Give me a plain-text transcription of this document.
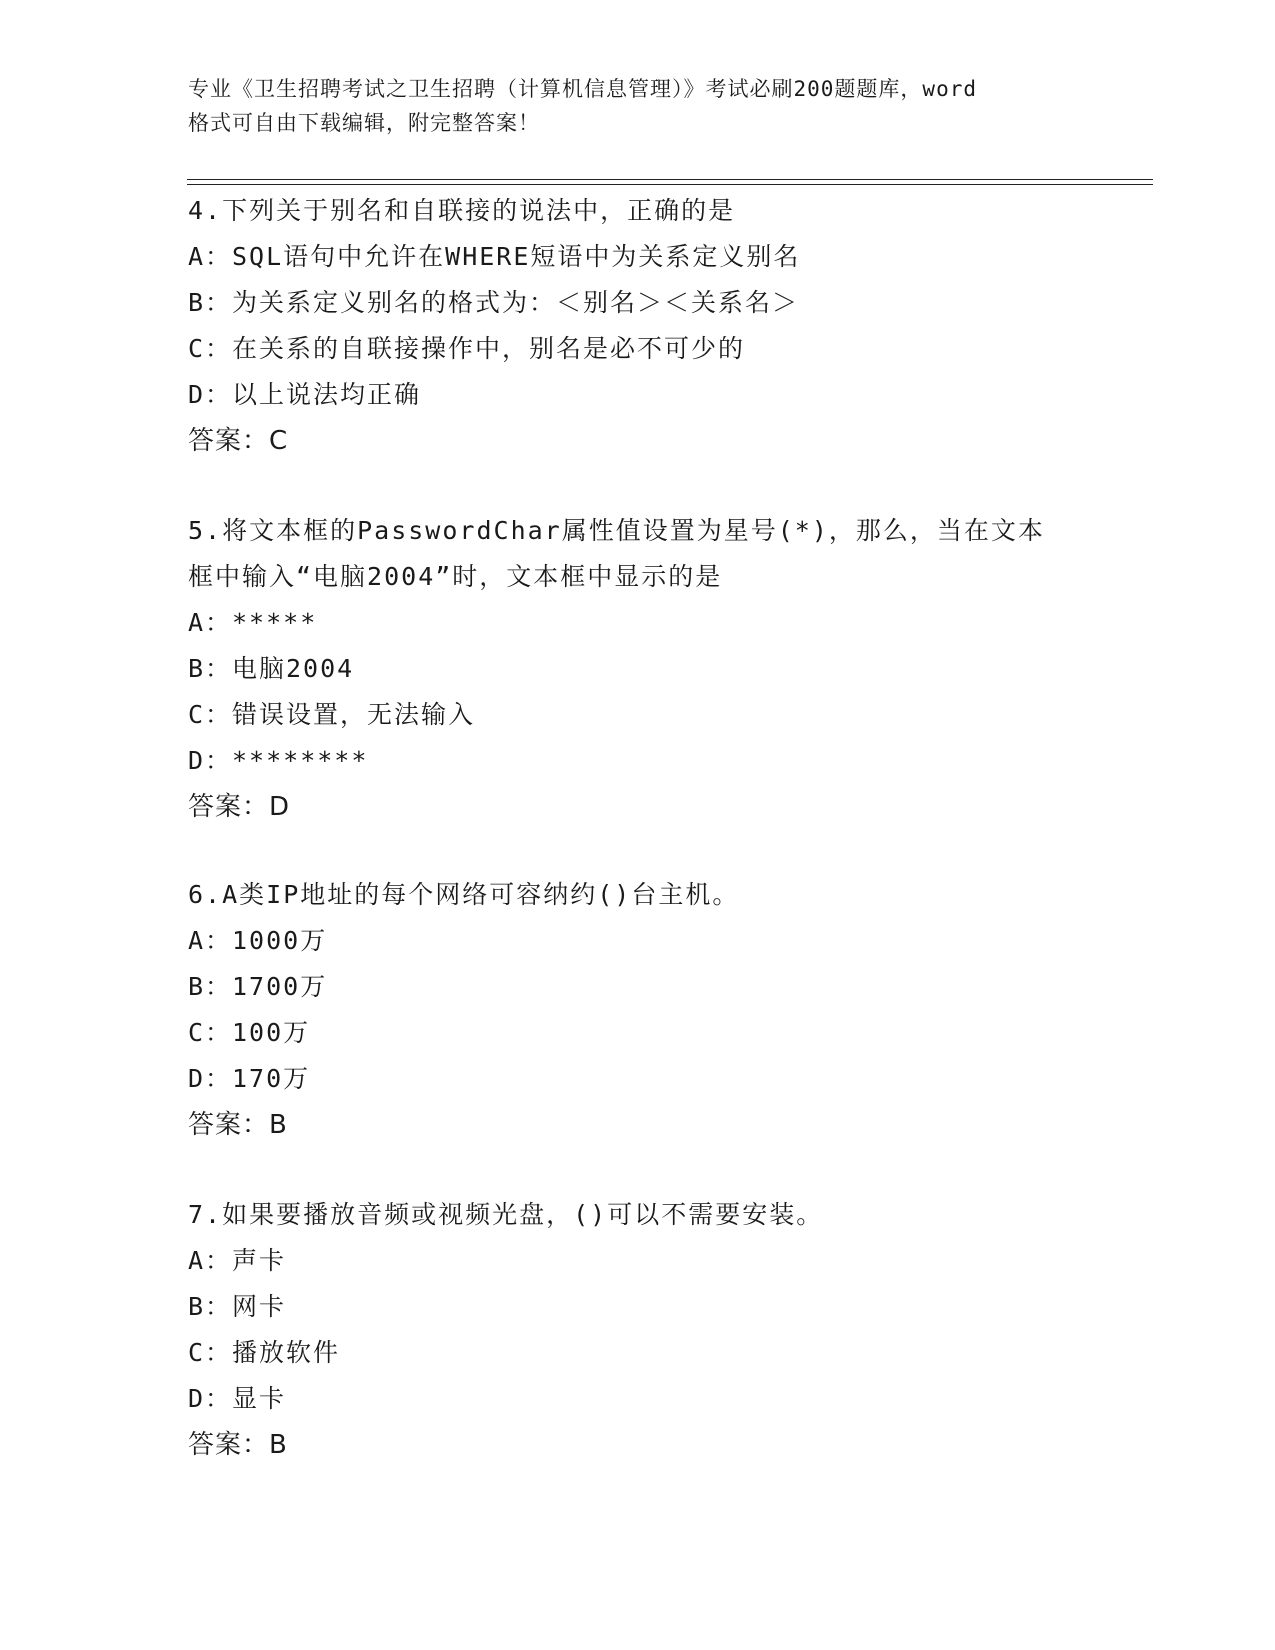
专业《卫生招聘考试之卫生招聘（计算机信息管理）》考试必刷200题题库，word
格式可自由下载编辑，附完整答案！
4.下列关于别名和自联接的说法中，正确的是
A：SQL语句中允许在WHERE短语中为关系定义别名
B：为关系定义别名的格式为：＜别名＞＜关系名＞
C：在关系的自联接操作中，别名是必不可少的
D：以上说法均正确
答案：C
5.将文本框的PasswordChar属性值设置为星号(*)，那么，当在文本
框中输入“电脑2004”时，文本框中显示的是
A：*****
B：电脑2004
C：错误设置，无法输入
D：********
答案：D
6.A类IP地址的每个网络可容纳约()台主机。
A：1000万
B：1700万
C：100万
D：170万
答案：B
7.如果要播放音频或视频光盘，()可以不需要安装。
A：声卡
B：网卡
C：播放软件
D：显卡
答案：B
